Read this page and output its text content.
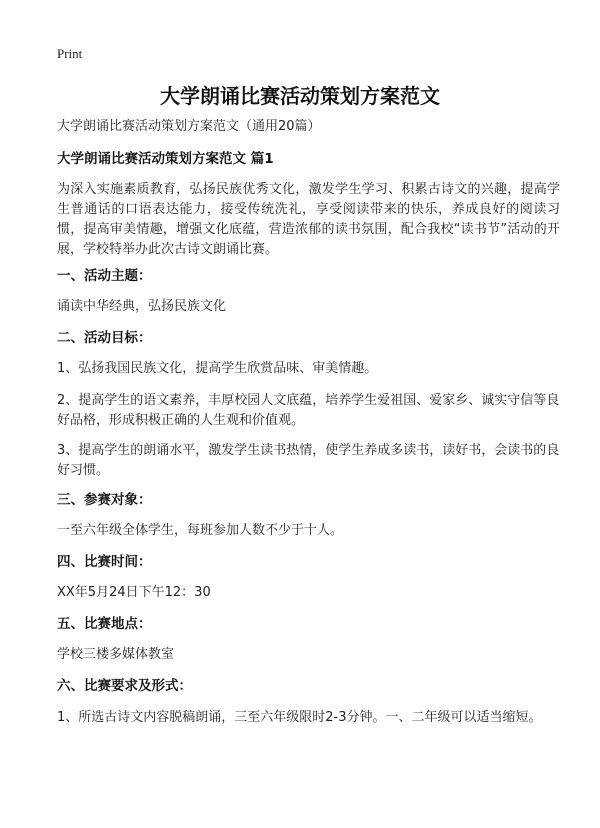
Print
大学朗诵比赛活动策划方案范文
大学朗诵比赛活动策划方案范文（通用20篇）
大学朗诵比赛活动策划方案范文 篇1
为深入实施素质教育，弘扬民族优秀文化，激发学生学习、积累古诗文的兴趣，提高学生普通话的口语表达能力，接受传统洗礼，享受阅读带来的快乐，养成良好的阅读习惯，提高审美情趣，增强文化底蕴，营造浓郁的读书氛围，配合我校“读书节”活动的开展，学校特举办此次古诗文朗诵比赛。
一、活动主题：
诵读中华经典，弘扬民族文化
二、活动目标：
1、弘扬我国民族文化，提高学生欣赏品味、审美情趣。
2、提高学生的语文素养，丰厚校园人文底蕴，培养学生爱祖国、爱家乡、诚实守信等良好品格，形成积极正确的人生观和价值观。
3、提高学生的朗诵水平，激发学生读书热情，使学生养成多读书，读好书，会读书的良好习惯。
三、参赛对象：
一至六年级全体学生，每班参加人数不少于十人。
四、比赛时间：
XX年5月24日下午12：30
五、比赛地点：
学校三楼多媒体教室
六、比赛要求及形式：
1、所选古诗文内容脱稿朗诵，三至六年级限时2-3分钟。一、二年级可以适当缩短。
